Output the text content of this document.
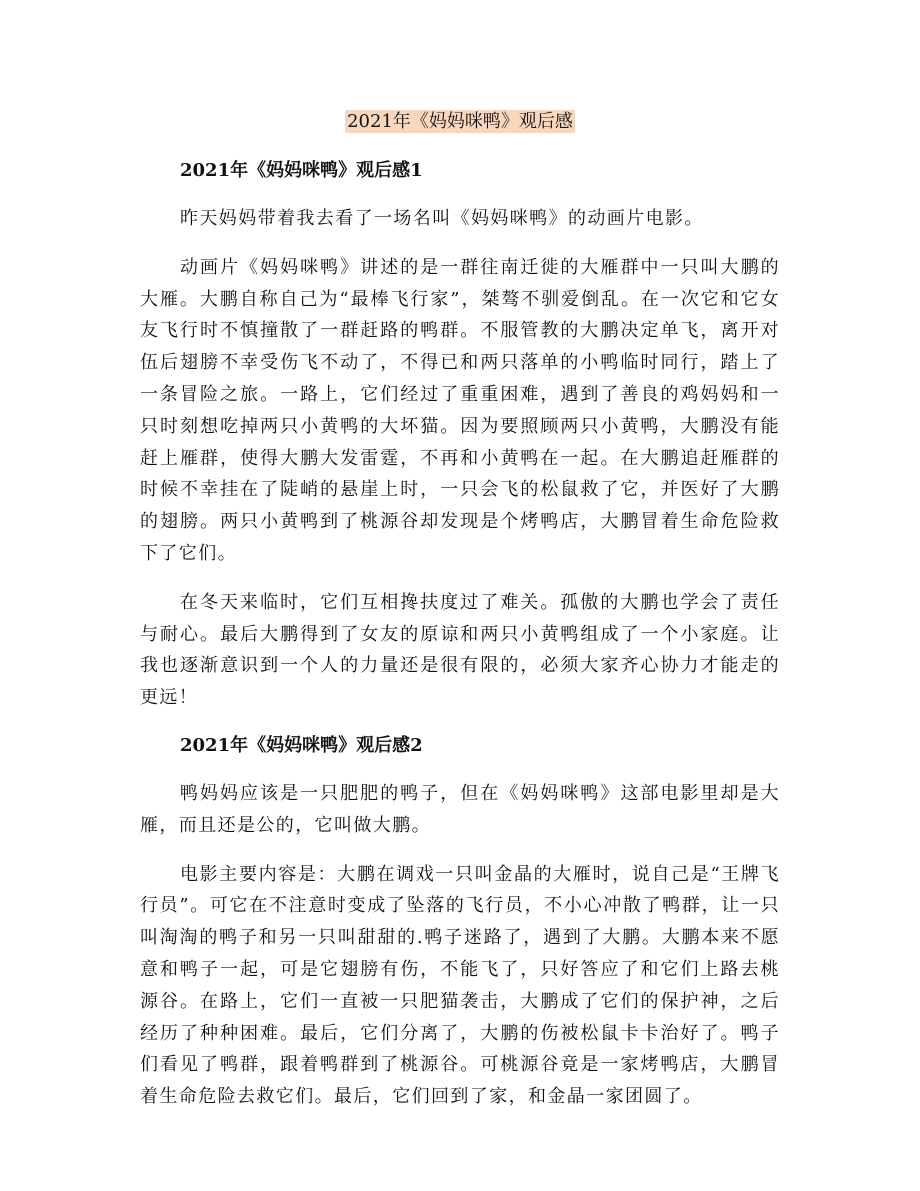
2021年《妈妈咪鸭》观后感
2021年《妈妈咪鸭》观后感1

昨天妈妈带着我去看了一场名叫《妈妈咪鸭》的动画片电影。

动画片《妈妈咪鸭》讲述的是一群往南迁徙的大雁群中一只叫大鹏的大雁。大鹏自称自己为“最棒飞行家”，桀骜不驯爱倒乱。在一次它和它女友飞行时不慎撞散了一群赶路的鸭群。不服管教的大鹏决定单飞，离开对伍后翅膀不幸受伤飞不动了，不得已和两只落单的小鸭临时同行，踏上了一条冒险之旅。一路上，它们经过了重重困难，遇到了善良的鸡妈妈和一只时刻想吃掉两只小黄鸭的大坏猫。因为要照顾两只小黄鸭，大鹏没有能赶上雁群，使得大鹏大发雷霆，不再和小黄鸭在一起。在大鹏追赶雁群的时候不幸挂在了陡峭的悬崖上时，一只会飞的松鼠救了它，并医好了大鹏的翅膀。两只小黄鸭到了桃源谷却发现是个烤鸭店，大鹏冒着生命危险救下了它们。

在冬天来临时，它们互相搀扶度过了难关。孤傲的大鹏也学会了责任与耐心。最后大鹏得到了女友的原谅和两只小黄鸭组成了一个小家庭。让我也逐渐意识到一个人的力量还是很有限的，必须大家齐心协力才能走的更远！

2021年《妈妈咪鸭》观后感2

鸭妈妈应该是一只肥肥的鸭子，但在《妈妈咪鸭》这部电影里却是大雁，而且还是公的，它叫做大鹏。

电影主要内容是：大鹏在调戏一只叫金晶的大雁时，说自己是“王牌飞行员”。可它在不注意时变成了坠落的飞行员，不小心冲散了鸭群，让一只叫淘淘的鸭子和另一只叫甜甜的.鸭子迷路了，遇到了大鹏。大鹏本来不愿意和鸭子一起，可是它翅膀有伤，不能飞了，只好答应了和它们上路去桃源谷。在路上，它们一直被一只肥猫袭击，大鹏成了它们的保护神，之后经历了种种困难。最后，它们分离了，大鹏的伤被松鼠卡卡治好了。鸭子们看见了鸭群，跟着鸭群到了桃源谷。可桃源谷竟是一家烤鸭店，大鹏冒着生命危险去救它们。最后，它们回到了家，和金晶一家团圆了。
